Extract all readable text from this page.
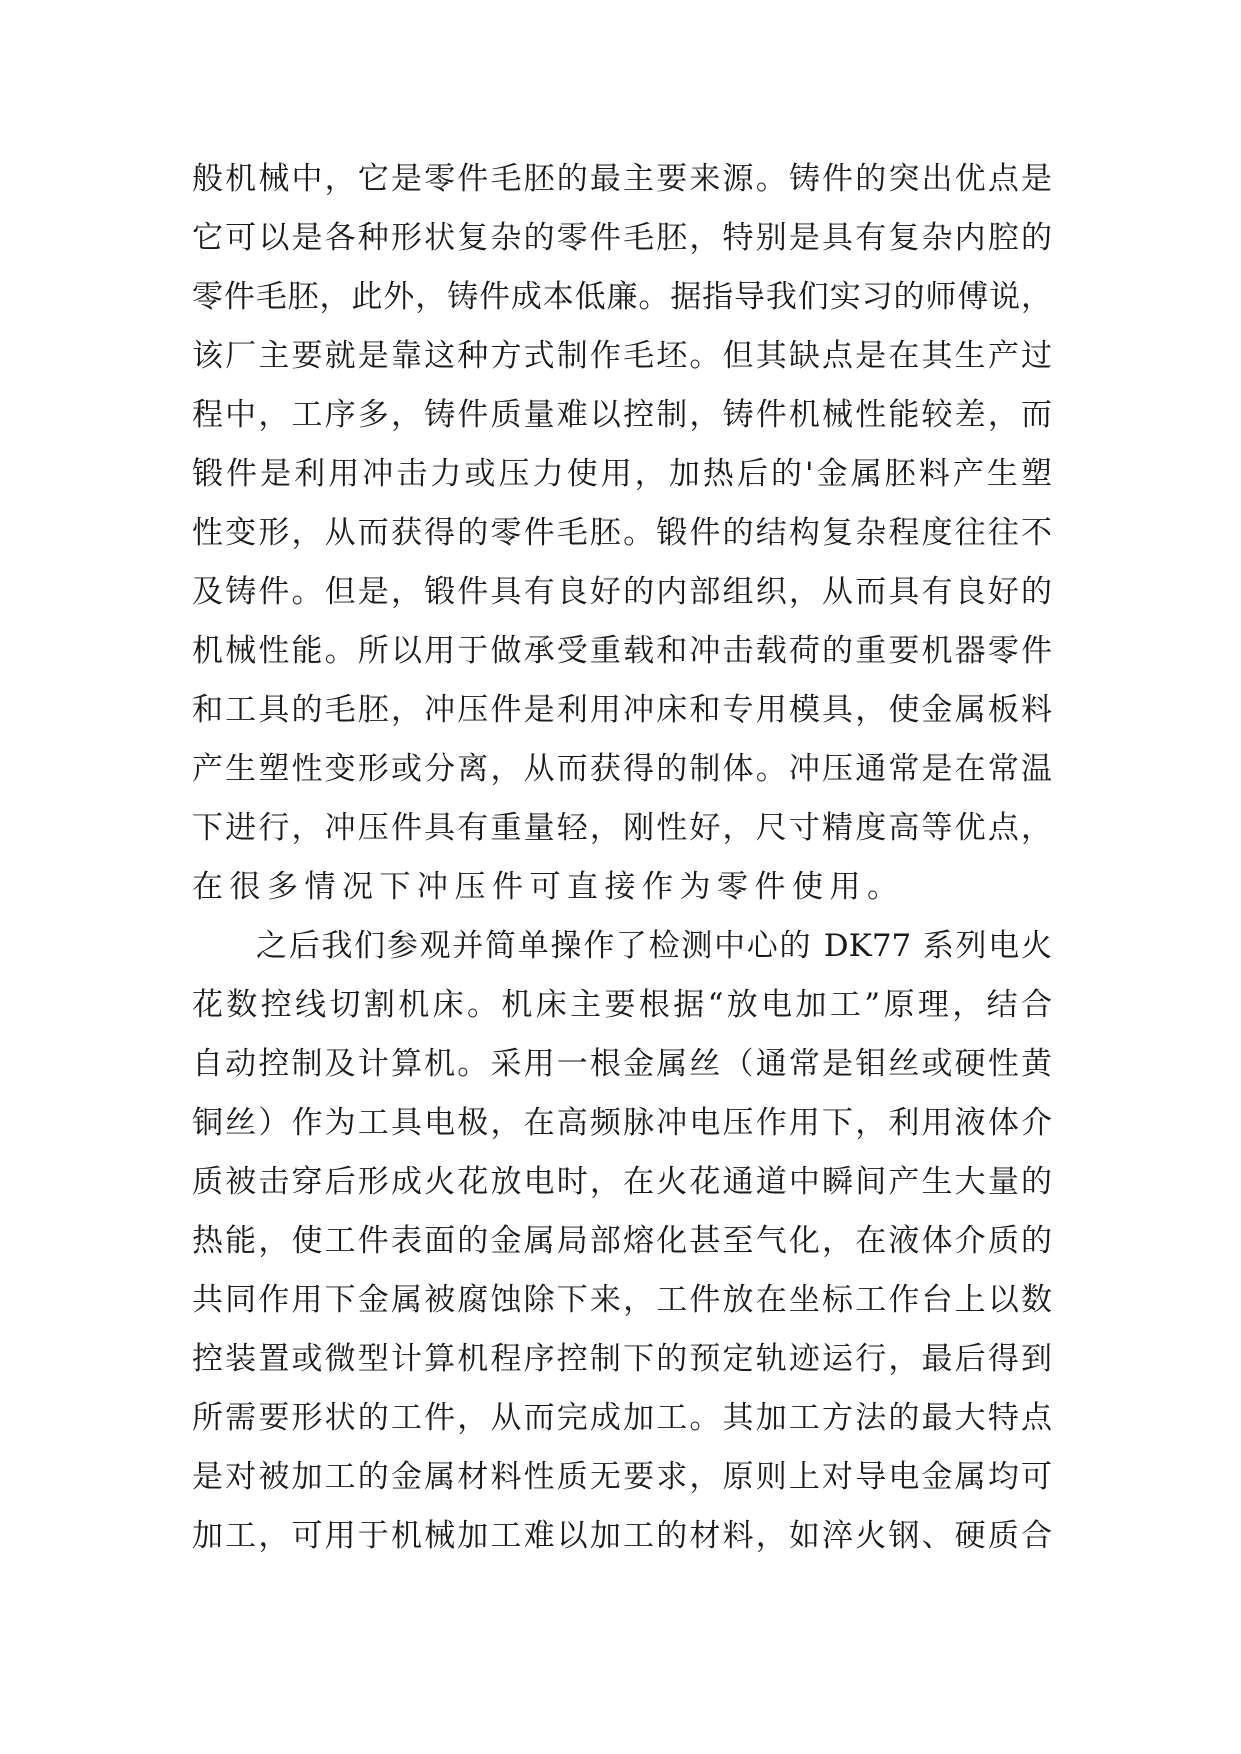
般机械中，它是零件毛胚的最主要来源。铸件的突出优点是
它可以是各种形状复杂的零件毛胚，特别是具有复杂内腔的
零件毛胚，此外，铸件成本低廉。据指导我们实习的师傅说，
该厂主要就是靠这种方式制作毛坯。但其缺点是在其生产过
程中，工序多，铸件质量难以控制，铸件机械性能较差，而
锻件是利用冲击力或压力使用，加热后的'金属胚料产生塑
性变形，从而获得的零件毛胚。锻件的结构复杂程度往往不
及铸件。但是，锻件具有良好的内部组织，从而具有良好的
机械性能。所以用于做承受重载和冲击载荷的重要机器零件
和工具的毛胚，冲压件是利用冲床和专用模具，使金属板料
产生塑性变形或分离，从而获得的制体。冲压通常是在常温
下进行，冲压件具有重量轻，刚性好，尺寸精度高等优点，
在很多情况下冲压件可直接作为零件使用。
之后我们参观并简单操作了检测中心的 DK77 系列电火
花数控线切割机床。机床主要根据“放电加工”原理，结合
自动控制及计算机。采用一根金属丝（通常是钼丝或硬性黄
铜丝）作为工具电极，在高频脉冲电压作用下，利用液体介
质被击穿后形成火花放电时，在火花通道中瞬间产生大量的
热能，使工件表面的金属局部熔化甚至气化，在液体介质的
共同作用下金属被腐蚀除下来，工件放在坐标工作台上以数
控装置或微型计算机程序控制下的预定轨迹运行，最后得到
所需要形状的工件，从而完成加工。其加工方法的最大特点
是对被加工的金属材料性质无要求，原则上对导电金属均可
加工，可用于机械加工难以加工的材料，如淬火钢、硬质合
